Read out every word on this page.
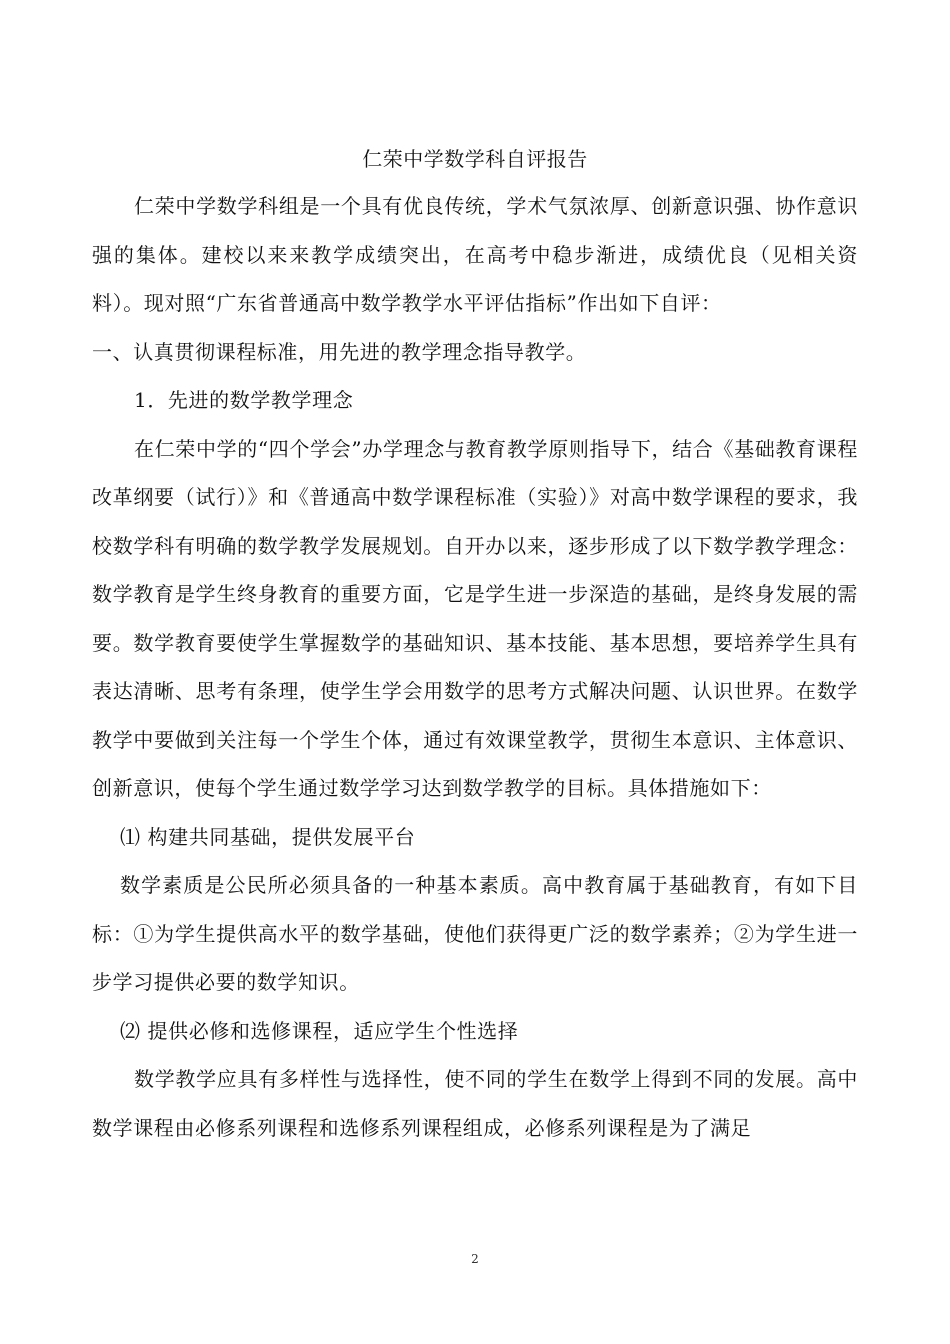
仁荣中学数学科自评报告

仁荣中学数学科组是一个具有优良传统，学术气氛浓厚、创新意识强、协作意识强的集体。建校以来来教学成绩突出，在高考中稳步渐进，成绩优良（见相关资料）。现对照“广东省普通高中数学教学水平评估指标”作出如下自评：

一、认真贯彻课程标准，用先进的教学理念指导教学。

1．先进的数学教学理念

在仁荣中学的“四个学会”办学理念与教育教学原则指导下，结合《基础教育课程改革纲要（试行）》和《普通高中数学课程标准（实验）》对高中数学课程的要求，我校数学科有明确的数学教学发展规划。自开办以来，逐步形成了以下数学教学理念：数学教育是学生终身教育的重要方面，它是学生进一步深造的基础，是终身发展的需要。数学教育要使学生掌握数学的基础知识、基本技能、基本思想，要培养学生具有表达清晰、思考有条理，使学生学会用数学的思考方式解决问题、认识世界。在数学教学中要做到关注每一个学生个体，通过有效课堂教学，贯彻生本意识、主体意识、创新意识，使每个学生通过数学学习达到数学教学的目标。具体措施如下：

⑴ 构建共同基础，提供发展平台

数学素质是公民所必须具备的一种基本素质。高中教育属于基础教育，有如下目标：①为学生提供高水平的数学基础，使他们获得更广泛的数学素养；②为学生进一步学习提供必要的数学知识。

⑵ 提供必修和选修课程，适应学生个性选择

数学教学应具有多样性与选择性，使不同的学生在数学上得到不同的发展。高中数学课程由必修系列课程和选修系列课程组成，必修系列课程是为了满足

2
